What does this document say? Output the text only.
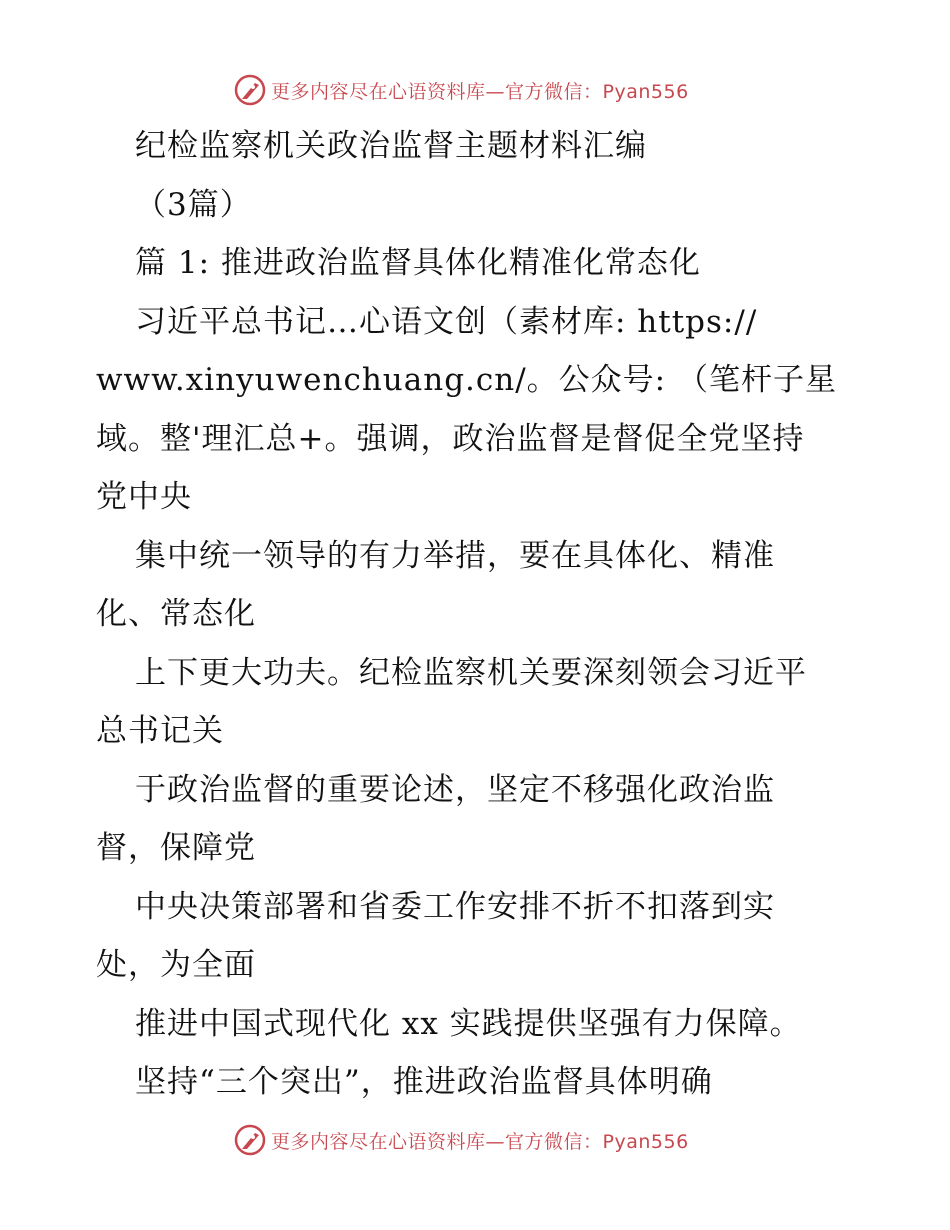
更多内容尽在心语资料库—官方微信：Pyan556
纪检监察机关政治监督主题材料汇编
（3篇）
篇 1: 推进政治监督具体化精准化常态化
习近平总书记…心语文创（素材库: https://
www.xinyuwenchuang.cn/。公众号: （笔杆子星
域。整'理汇总+。强调，政治监督是督促全党坚持
党中央
集中统一领导的有力举措，要在具体化、精准
化、常态化
上下更大功夫。纪检监察机关要深刻领会习近平
总书记关
于政治监督的重要论述，坚定不移强化政治监
督，保障党
中央决策部署和省委工作安排不折不扣落到实
处，为全面
推进中国式现代化 xx 实践提供坚强有力保障。
坚持“三个突出”，推进政治监督具体明确
更多内容尽在心语资料库—官方微信：Pyan556
